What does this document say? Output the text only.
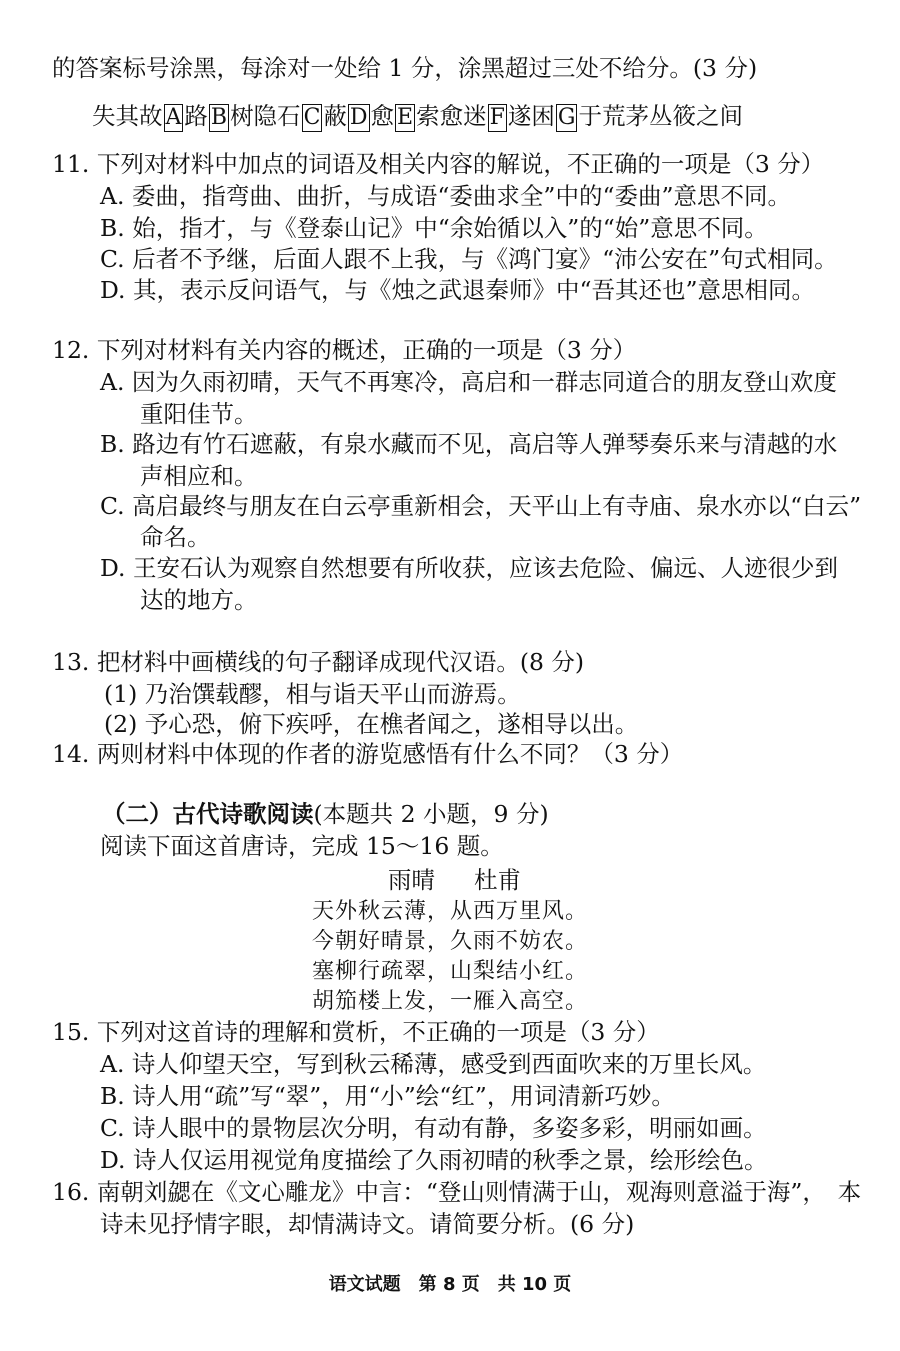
的答案标号涂黑，每涂对一处给 1 分，涂黑超过三处不给分。(3 分)
失其故 A 路 B 树隐石 C 蔽 D 愈 E 索愈迷 F 遂困 G 于荒茅丛筱之间
11. 下列对材料中加点的词语及相关内容的解说，不正确的一项是（3 分）
A. 委曲，指弯曲、曲折，与成语“委曲求全”中的“委曲”意思不同。
B. 始，指才，与《登泰山记》中“余始循以入”的“始”意思不同。
C. 后者不予继，后面人跟不上我，与《鸿门宴》“沛公安在”句式相同。
D. 其，表示反问语气，与《烛之武退秦师》中“吾其还也”意思相同。
12. 下列对材料有关内容的概述，正确的一项是（3 分）
A. 因为久雨初晴，天气不再寒冷，高启和一群志同道合的朋友登山欢度
重阳佳节。
B. 路边有竹石遮蔽，有泉水藏而不见，高启等人弹琴奏乐来与清越的水
声相应和。
C. 高启最终与朋友在白云亭重新相会，天平山上有寺庙、泉水亦以“白云”
命名。
D. 王安石认为观察自然想要有所收获，应该去危险、偏远、人迹很少到
达的地方。
13. 把材料中画横线的句子翻译成现代汉语。(8 分)
(1) 乃治馔载醪，相与诣天平山而游焉。
(2) 予心恐，俯下疾呼，在樵者闻之，遂相导以出。
14. 两则材料中体现的作者的游览感悟有什么不同？（3 分）
（二）古代诗歌阅读(本题共 2 小题，9 分)
阅读下面这首唐诗，完成 15～16 题。
雨晴 杜甫
天外秋云薄，从西万里风。
今朝好晴景，久雨不妨农。
塞柳行疏翠，山梨结小红。
胡笳楼上发，一雁入高空。
15. 下列对这首诗的理解和赏析，不正确的一项是（3 分）
A. 诗人仰望天空，写到秋云稀薄，感受到西面吹来的万里长风。
B. 诗人用“疏”写“翠”，用“小”绘“红”，用词清新巧妙。
C. 诗人眼中的景物层次分明，有动有静，多姿多彩，明丽如画。
D. 诗人仅运用视觉角度描绘了久雨初晴的秋季之景，绘形绘色。
16. 南朝刘勰在《文心雕龙》中言：“登山则情满于山，观海则意溢于海”，　本
诗未见抒情字眼，却情满诗文。请简要分析。(6 分)
语文试题　第 8 页　共 10 页
